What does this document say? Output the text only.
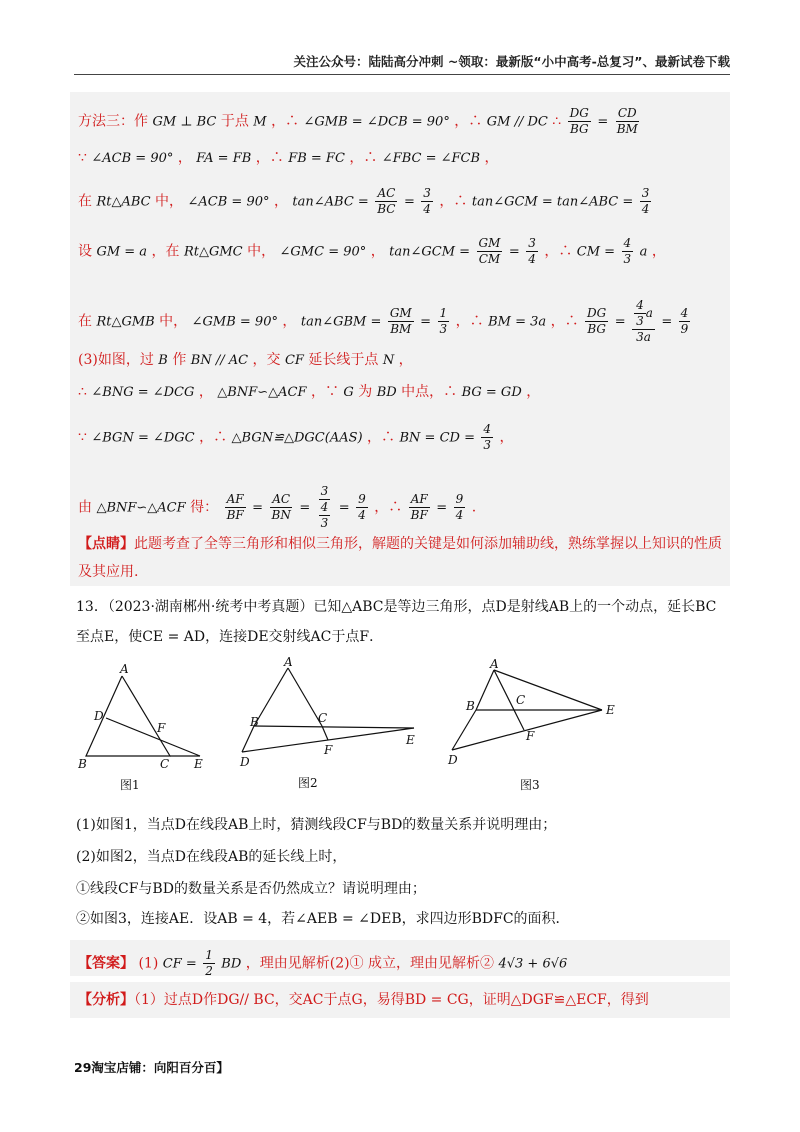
关注公众号：陆陆高分冲刺 ~领取：最新版“小中高考-总复习”、最新试卷下载
方法三：作 GM ⊥ BC 于点 M ，∴ ∠GMB = ∠DCB = 90° ，∴ GM // DC ∴ $\frac{DG}{BG} = \frac{CD}{BM}$
∵ ∠ACB = 90° ， FA = FB ，∴ FB = FC ，∴ ∠FBC = ∠FCB ，
在 Rt△ABC 中， ∠ACB = 90° ， tan∠ABC = $\frac{AC}{BC} = \frac{3}{4}$ ，∴ tan∠GCM = tan∠ABC = $\frac{3}{4}$
设 GM = a ，在 Rt△GMC 中， ∠GMC = 90° ， tan∠GCM = $\frac{GM}{CM} = \frac{3}{4}$ ，∴ CM = $\frac{4}{3}$ a ，
在 Rt△GMB 中， ∠GMB = 90° ， tan∠GBM = $\frac{GM}{BM} = \frac{1}{3}$ ，∴ BM = 3a ，∴ $\frac{DG}{BG} = \frac{\frac{4}{3} a}{3a} = \frac{4}{9}$
(3)如图，过 B 作 BN // AC ，交 CF 延长线于点 N ，
∴ ∠BNG = ∠DCG ， △BNF∽△ACF ，∵ G 为 BD 中点，∴ BG = GD ，
∵ ∠BGN = ∠DGC ，∴ △BGN≌△DGC(AAS) ，∴ BN = CD = $\frac{4}{3}$ ，
由 △BNF∽△ACF 得： $\frac{AF}{BF} = \frac{AC}{BN} = \frac{3}{\frac{4}{3}} = \frac{9}{4}$ ，∴ $\frac{AF}{BF} = \frac{9}{4}$ .
【点睛】此题考查了全等三角形和相似三角形，解题的关键是如何添加辅助线，熟练掌握以上知识的性质
及其应用.
13．（2023·湖南郴州·统考中考真题）已知△ABC是等边三角形，点D是射线AB上的一个动点，延长BC
至点E，使CE = AD，连接DE交射线AC于点F．
A
D
F
B	C E
图1
A
B	C
F
E
D
图2
A
B	C
F
E
D
图3
(1)如图1，当点D在线段AB上时，猜测线段CF与BD的数量关系并说明理由；
(2)如图2，当点D在线段AB的延长线上时，
①线段CF与BD的数量关系是否仍然成立？请说明理由；
②如图3，连接AE．设AB = 4，若∠AEB = ∠DEB，求四边形BDFC的面积．
【答案】 (1) CF = $\frac{1}{2}$ BD ，理由见解析(2)① 成立，理由见解析② 4√3 + 6√6
【分析】（1）过点D作DG// BC，交AC于点G，易得BD = CG，证明△DGF≌△ECF，得到
29淘宝店铺：向阳百分百】
